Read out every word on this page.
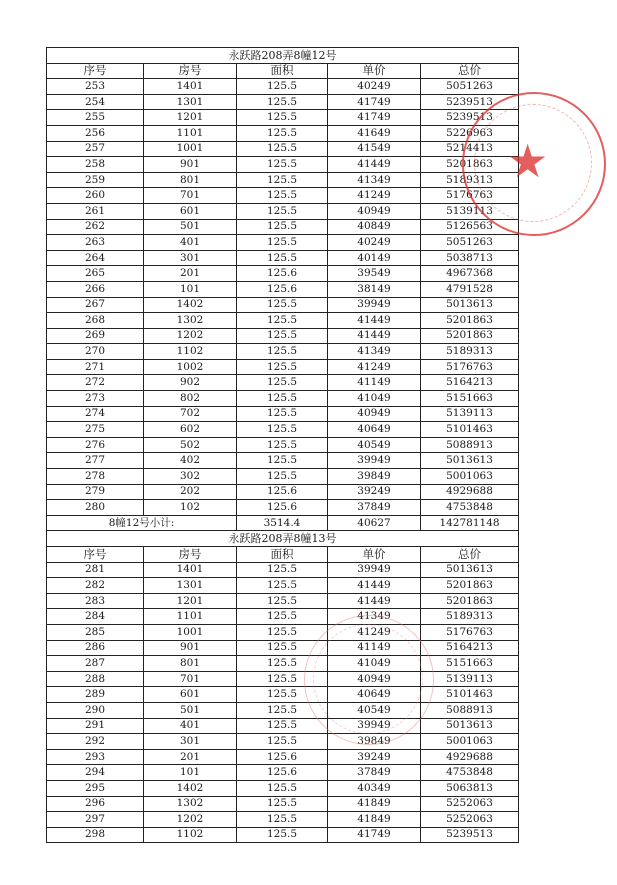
永跃路208弄8幢12号				
序号	房号	面积	单价	总价
253	1401	125.5	40249	5051263
254	1301	125.5	41749	5239513
255	1201	125.5	41749	5239513
256	1101	125.5	41649	5226963
257	1001	125.5	41549	5214413
258	901	125.5	41449	5201863
259	801	125.5	41349	5189313
260	701	125.5	41249	5176763
261	601	125.5	40949	5139113
262	501	125.5	40849	5126563
263	401	125.5	40249	5051263
264	301	125.5	40149	5038713
265	201	125.6	39549	4967368
266	101	125.6	38149	4791528
267	1402	125.5	39949	5013613
268	1302	125.5	41449	5201863
269	1202	125.5	41449	5201863
270	1102	125.5	41349	5189313
271	1002	125.5	41249	5176763
272	902	125.5	41149	5164213
273	802	125.5	41049	5151663
274	702	125.5	40949	5139113
275	602	125.5	40649	5101463
276	502	125.5	40549	5088913
277	402	125.5	39949	5013613
278	302	125.5	39849	5001063
279	202	125.6	39249	4929688
280	102	125.6	37849	4753848
8幢12号小计:		3514.4	40627	142781148
永跃路208弄8幢13号				
序号	房号	面积	单价	总价
281	1401	125.5	39949	5013613
282	1301	125.5	41449	5201863
283	1201	125.5	41449	5201863
284	1101	125.5	41349	5189313
285	1001	125.5	41249	5176763
286	901	125.5	41149	5164213
287	801	125.5	41049	5151663
288	701	125.5	40949	5139113
289	601	125.5	40649	5101463
290	501	125.5	40549	5088913
291	401	125.5	39949	5013613
292	301	125.5	39849	5001063
293	201	125.6	39249	4929688
294	101	125.6	37849	4753848
295	1402	125.5	40349	5063813
296	1302	125.5	41849	5252063
297	1202	125.5	41849	5252063
298	1102	125.5	41749	5239513
★
